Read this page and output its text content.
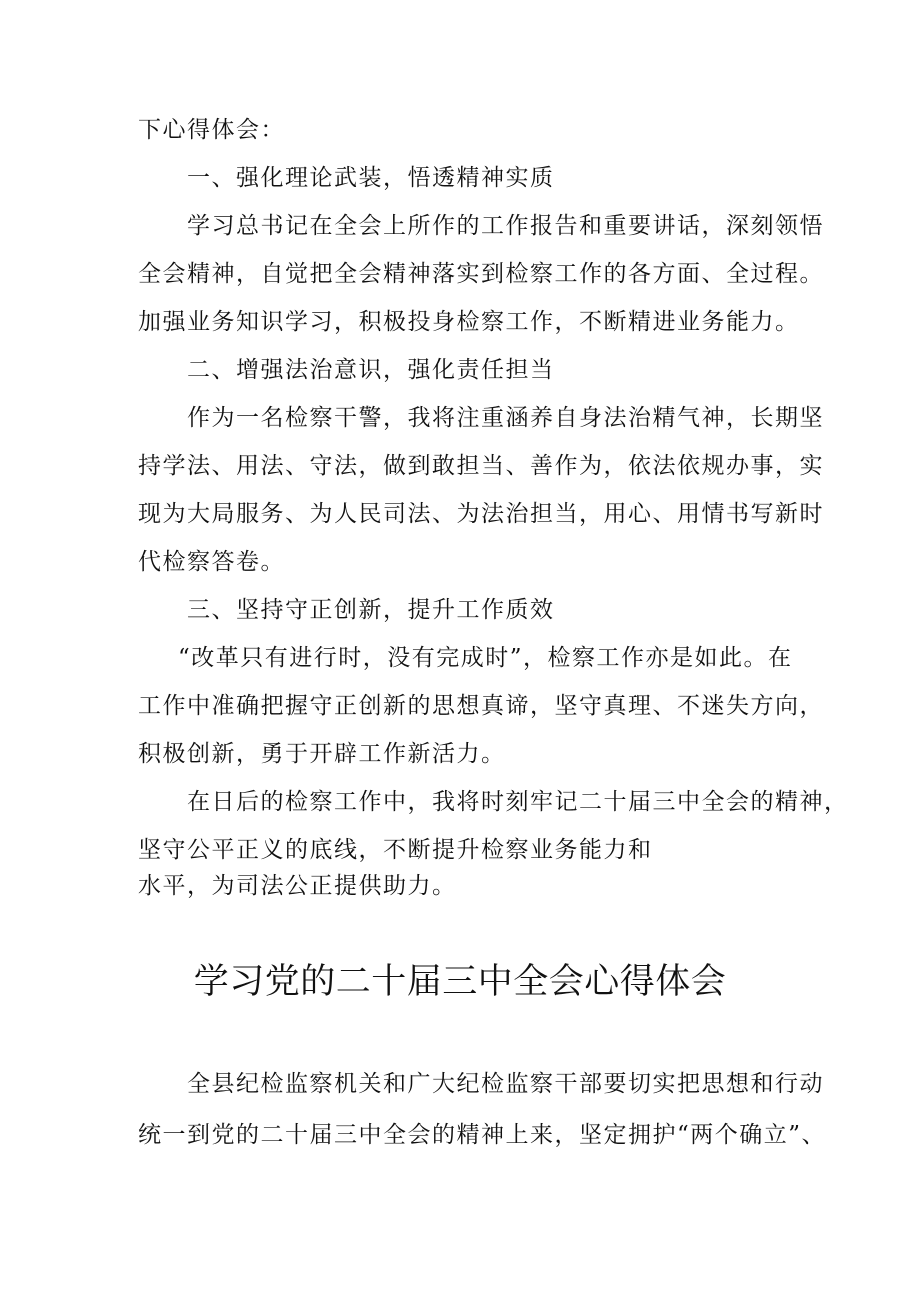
下心得体会：
一、强化理论武装，悟透精神实质
学习总书记在全会上所作的工作报告和重要讲话，深刻领悟
全会精神，自觉把全会精神落实到检察工作的各方面、全过程。
加强业务知识学习，积极投身检察工作，不断精进业务能力。
二、增强法治意识，强化责任担当
作为一名检察干警，我将注重涵养自身法治精气神，长期坚
持学法、用法、守法，做到敢担当、善作为，依法依规办事，实
现为大局服务、为人民司法、为法治担当，用心、用情书写新时
代检察答卷。
三、坚持守正创新，提升工作质效
“改革只有进行时，没有完成时”，检察工作亦是如此。在
工作中准确把握守正创新的思想真谛，坚守真理、不迷失方向，
积极创新，勇于开辟工作新活力。
在日后的检察工作中，我将时刻牢记二十届三中全会的精神，
坚守公平正义的底线，不断提升检察业务能力和
水平，为司法公正提供助力。
学习党的二十届三中全会心得体会
全县纪检监察机关和广大纪检监察干部要切实把思想和行动
统一到党的二十届三中全会的精神上来，坚定拥护“两个确立”、
